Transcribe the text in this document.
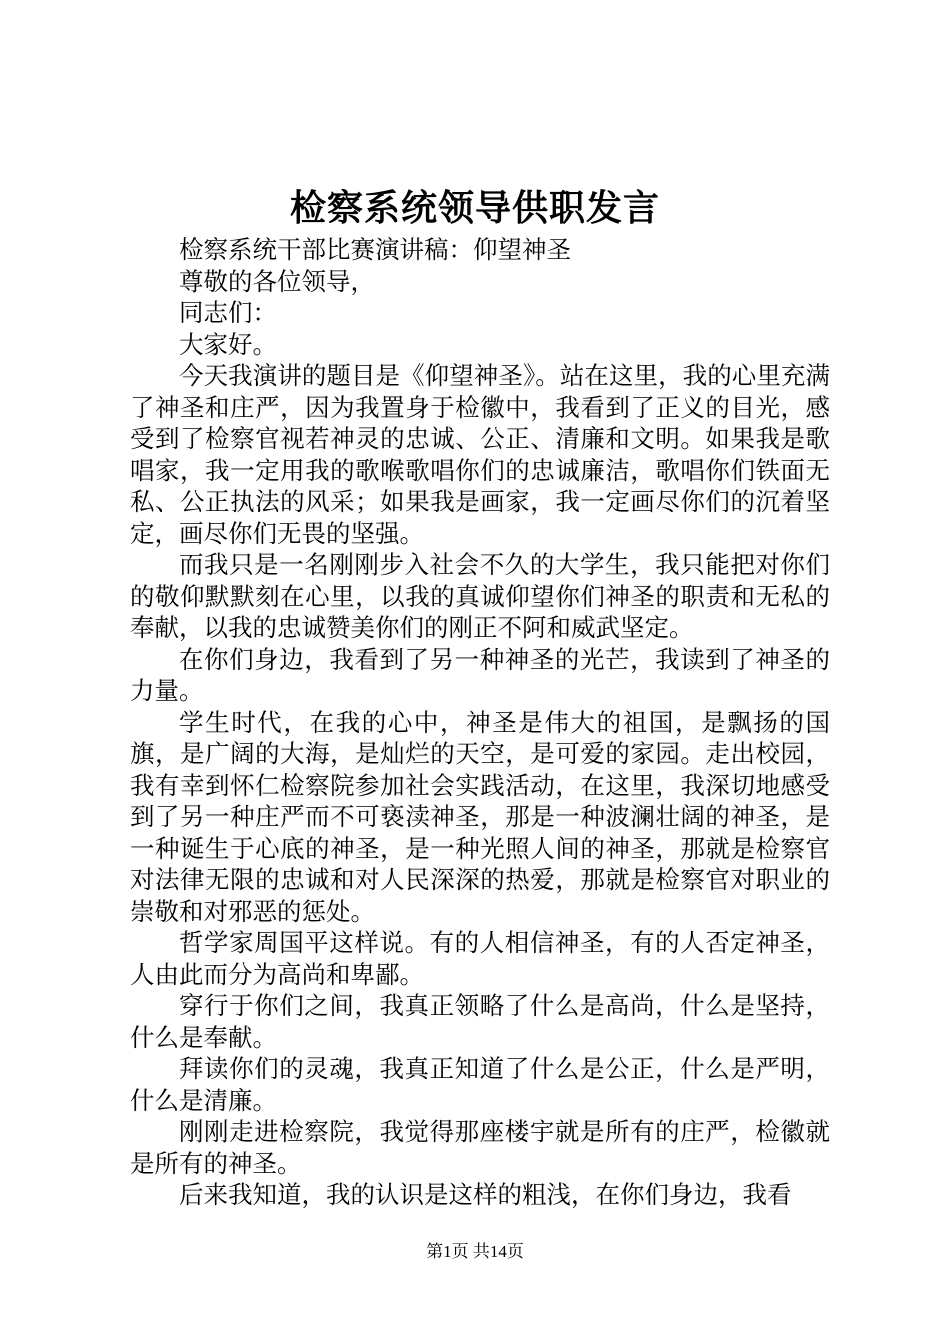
检察系统领导供职发言

检察系统干部比赛演讲稿：仰望神圣

尊敬的各位领导，

同志们：

大家好。

今天我演讲的题目是《仰望神圣》。站在这里，我的心里充满了神圣和庄严，因为我置身于检徽中，我看到了正义的目光，感受到了检察官视若神灵的忠诚、公正、清廉和文明。如果我是歌唱家，我一定用我的歌喉歌唱你们的忠诚廉洁，歌唱你们铁面无私、公正执法的风采；如果我是画家，我一定画尽你们的沉着坚定，画尽你们无畏的坚强。

而我只是一名刚刚步入社会不久的大学生，我只能把对你们的敬仰默默刻在心里，以我的真诚仰望你们神圣的职责和无私的奉献，以我的忠诚赞美你们的刚正不阿和威武坚定。

在你们身边，我看到了另一种神圣的光芒，我读到了神圣的力量。

学生时代，在我的心中，神圣是伟大的祖国，是飘扬的国旗，是广阔的大海，是灿烂的天空，是可爱的家园。走出校园，我有幸到怀仁检察院参加社会实践活动，在这里，我深切地感受到了另一种庄严而不可亵渎神圣，那是一种波澜壮阔的神圣，是一种诞生于心底的神圣，是一种光照人间的神圣，那就是检察官对法律无限的忠诚和对人民深深的热爱，那就是检察官对职业的崇敬和对邪恶的惩处。

哲学家周国平这样说。有的人相信神圣，有的人否定神圣，人由此而分为高尚和卑鄙。

穿行于你们之间，我真正领略了什么是高尚，什么是坚持，什么是奉献。

拜读你们的灵魂，我真正知道了什么是公正，什么是严明，什么是清廉。

刚刚走进检察院，我觉得那座楼宇就是所有的庄严，检徽就是所有的神圣。

后来我知道，我的认识是这样的粗浅，在你们身边，我看

第1页 共14页
